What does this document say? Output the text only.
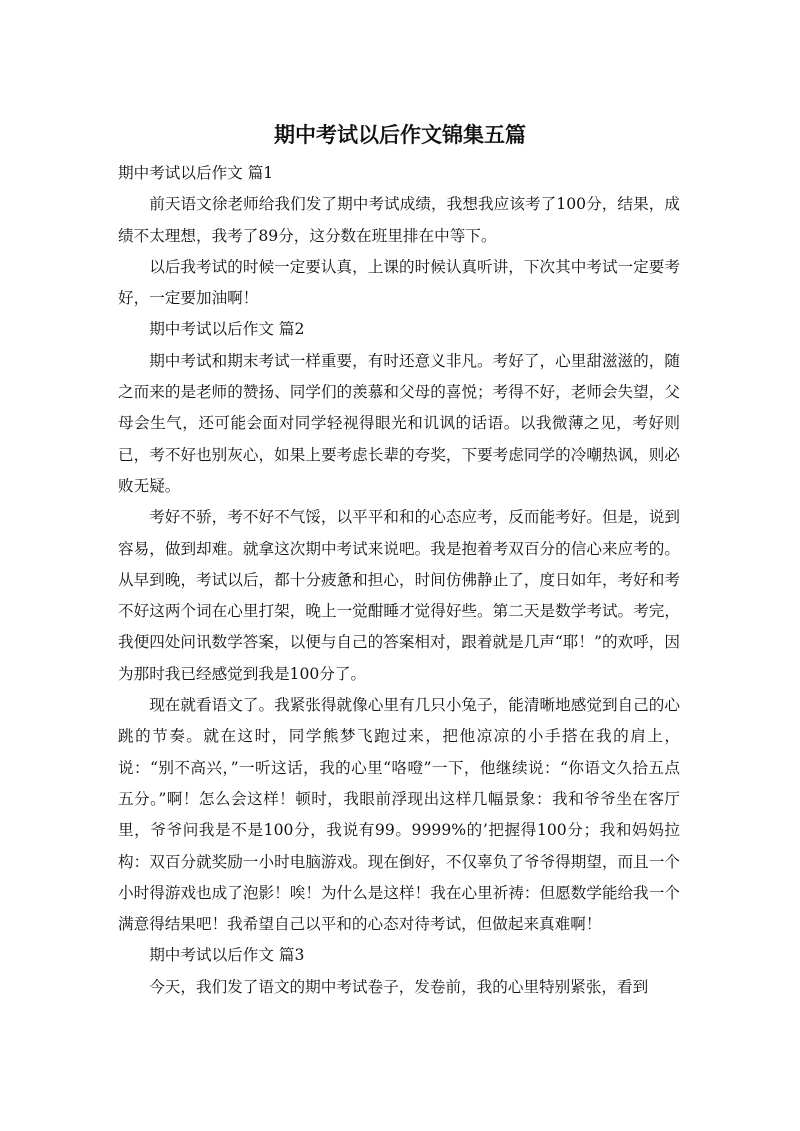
期中考试以后作文锦集五篇

期中考试以后作文 篇1

前天语文徐老师给我们发了期中考试成绩，我想我应该考了100分，结果，成绩不太理想，我考了89分，这分数在班里排在中等下。

以后我考试的时候一定要认真，上课的时候认真听讲，下次其中考试一定要考好，一定要加油啊！

期中考试以后作文 篇2

期中考试和期末考试一样重要，有时还意义非凡。考好了，心里甜滋滋的，随之而来的是老师的赞扬、同学们的羡慕和父母的喜悦；考得不好，老师会失望，父母会生气，还可能会面对同学轻视得眼光和讥讽的话语。以我微薄之见，考好则已，考不好也别灰心，如果上要考虑长辈的夸奖，下要考虑同学的冷嘲热讽，则必败无疑。

考好不骄，考不好不气馁，以平平和和的心态应考，反而能考好。但是，说到容易，做到却难。就拿这次期中考试来说吧。我是抱着考双百分的信心来应考的。从早到晚，考试以后，都十分疲惫和担心，时间仿佛静止了，度日如年，考好和考不好这两个词在心里打架，晚上一觉酣睡才觉得好些。第二天是数学考试。考完，我便四处问讯数学答案，以便与自己的答案相对，跟着就是几声“耶！”的欢呼，因为那时我已经感觉到我是100分了。

现在就看语文了。我紧张得就像心里有几只小兔子，能清晰地感觉到自己的心跳的节奏。就在这时，同学熊梦飞跑过来，把他凉凉的小手搭在我的肩上，说：“别不高兴，”一听这话，我的心里“咯噔”一下，他继续说：“你语文久拾五点五分。”啊！怎么会这样！顿时，我眼前浮现出这样几幅景象：我和爷爷坐在客厅里，爷爷问我是不是100分，我说有99。9999%的’把握得100分；我和妈妈拉构：双百分就奖励一小时电脑游戏。现在倒好，不仅辜负了爷爷得期望，而且一个小时得游戏也成了泡影！唉！为什么是这样！我在心里祈祷：但愿数学能给我一个满意得结果吧！我希望自己以平和的心态对待考试，但做起来真难啊！

期中考试以后作文 篇3

今天，我们发了语文的期中考试卷子，发卷前，我的心里特别紧张，看到
